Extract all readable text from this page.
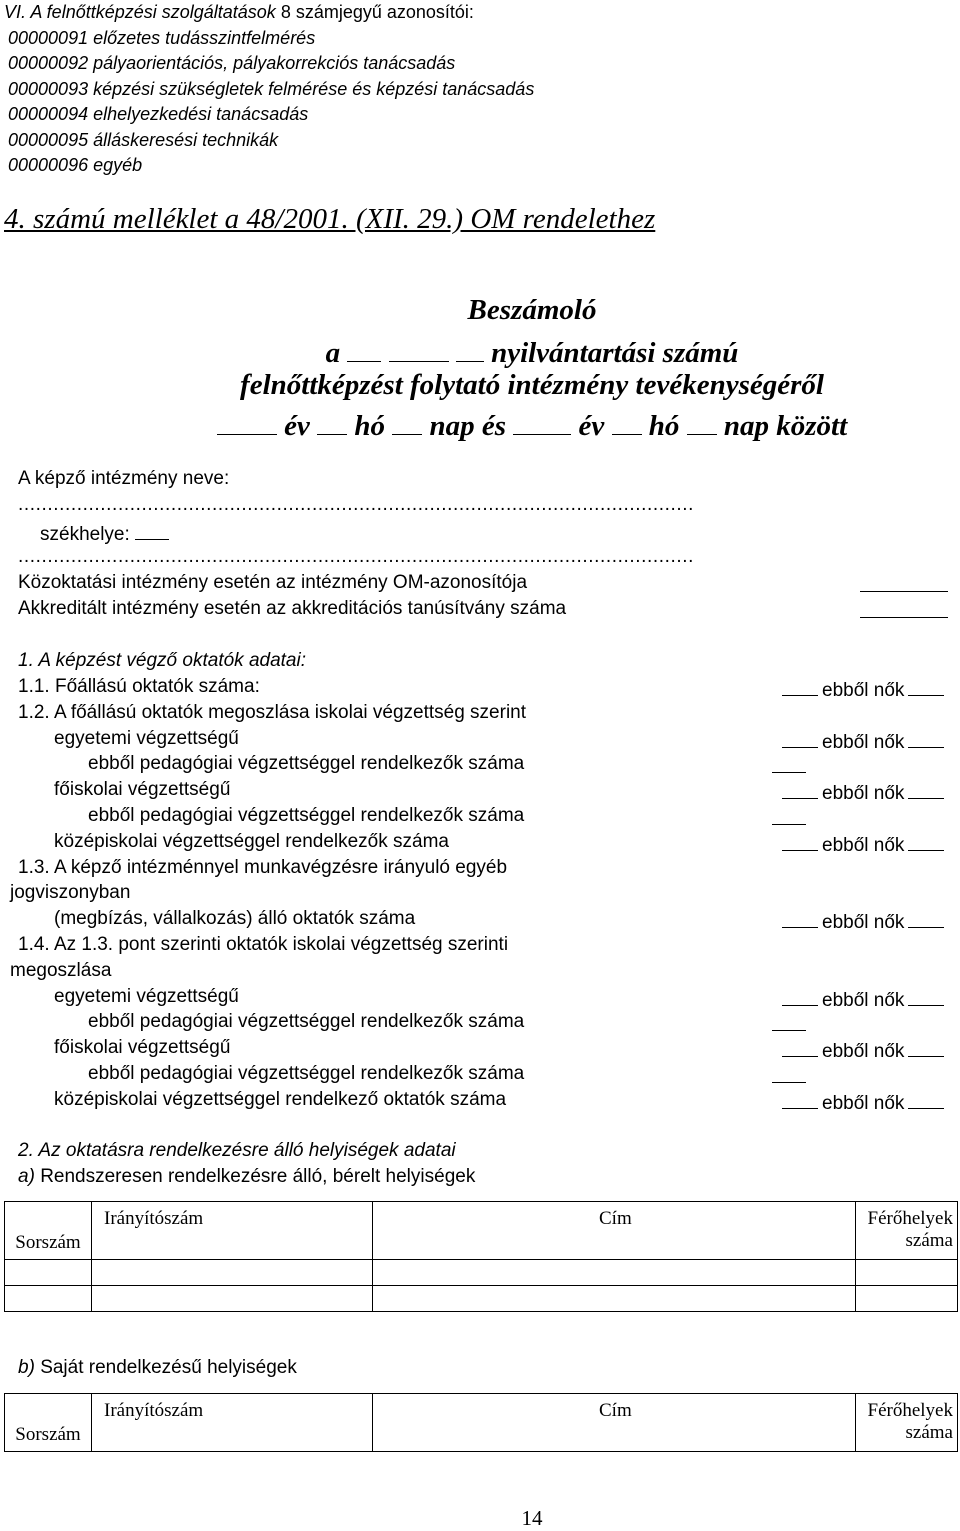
VI. A felnőttképzési szolgáltatások 8 számjegyű azonosítói:
00000091 előzetes tudásszintfelmérés
00000092 pályaorientációs, pályakorrekciós tanácsadás
00000093 képzési szükségletek felmérése és képzési tanácsadás
00000094 elhelyezkedési tanácsadás
00000095 álláskeresési technikák
00000096 egyéb
4. számú melléklet a 48/2001. (XII. 29.) OM rendelethez
Beszámoló
a	nyilvántartási számú
felnőttképzést folytató intézmény tevékenységéről
év hó nap és	év hó nap között
A képző intézmény neve:
...................................................................................................................
székhelye:
...................................................................................................................
Közoktatási intézmény esetén az intézmény OM-azonosítója
Akkreditált intézmény esetén az akkreditációs tanúsítvány száma
1. A képzést végző oktatók adatai:
1.1. Főállású oktatók száma:	ebből nők
1.2. A főállású oktatók megoszlása iskolai végzettség szerint
egyetemi végzettségű	ebből nők
ebből pedagógiai végzettséggel rendelkezők száma
főiskolai végzettségű	ebből nők
ebből pedagógiai végzettséggel rendelkezők száma
középiskolai végzettséggel rendelkezők száma	ebből nők
1.3. A képző intézménnyel munkavégzésre irányuló egyéb
jogviszonyban
(megbízás, vállalkozás) álló oktatók száma	ebből nők
1.4. Az 1.3. pont szerinti oktatók iskolai végzettség szerinti
megoszlása
egyetemi végzettségű	ebből nők
ebből pedagógiai végzettséggel rendelkezők száma
főiskolai végzettségű	ebből nők
ebből pedagógiai végzettséggel rendelkezők száma
középiskolai végzettséggel rendelkező oktatók száma	ebből nők
2. Az oktatásra rendelkezésre álló helyiségek adatai
a) Rendszeresen rendelkezésre álló, bérelt helyiségek
Sorszám	Irányítószám	Cím	Férőhelyek száma

b) Saját rendelkezésű helyiségek
Sorszám	Irányítószám	Cím	Férőhelyek száma
14
